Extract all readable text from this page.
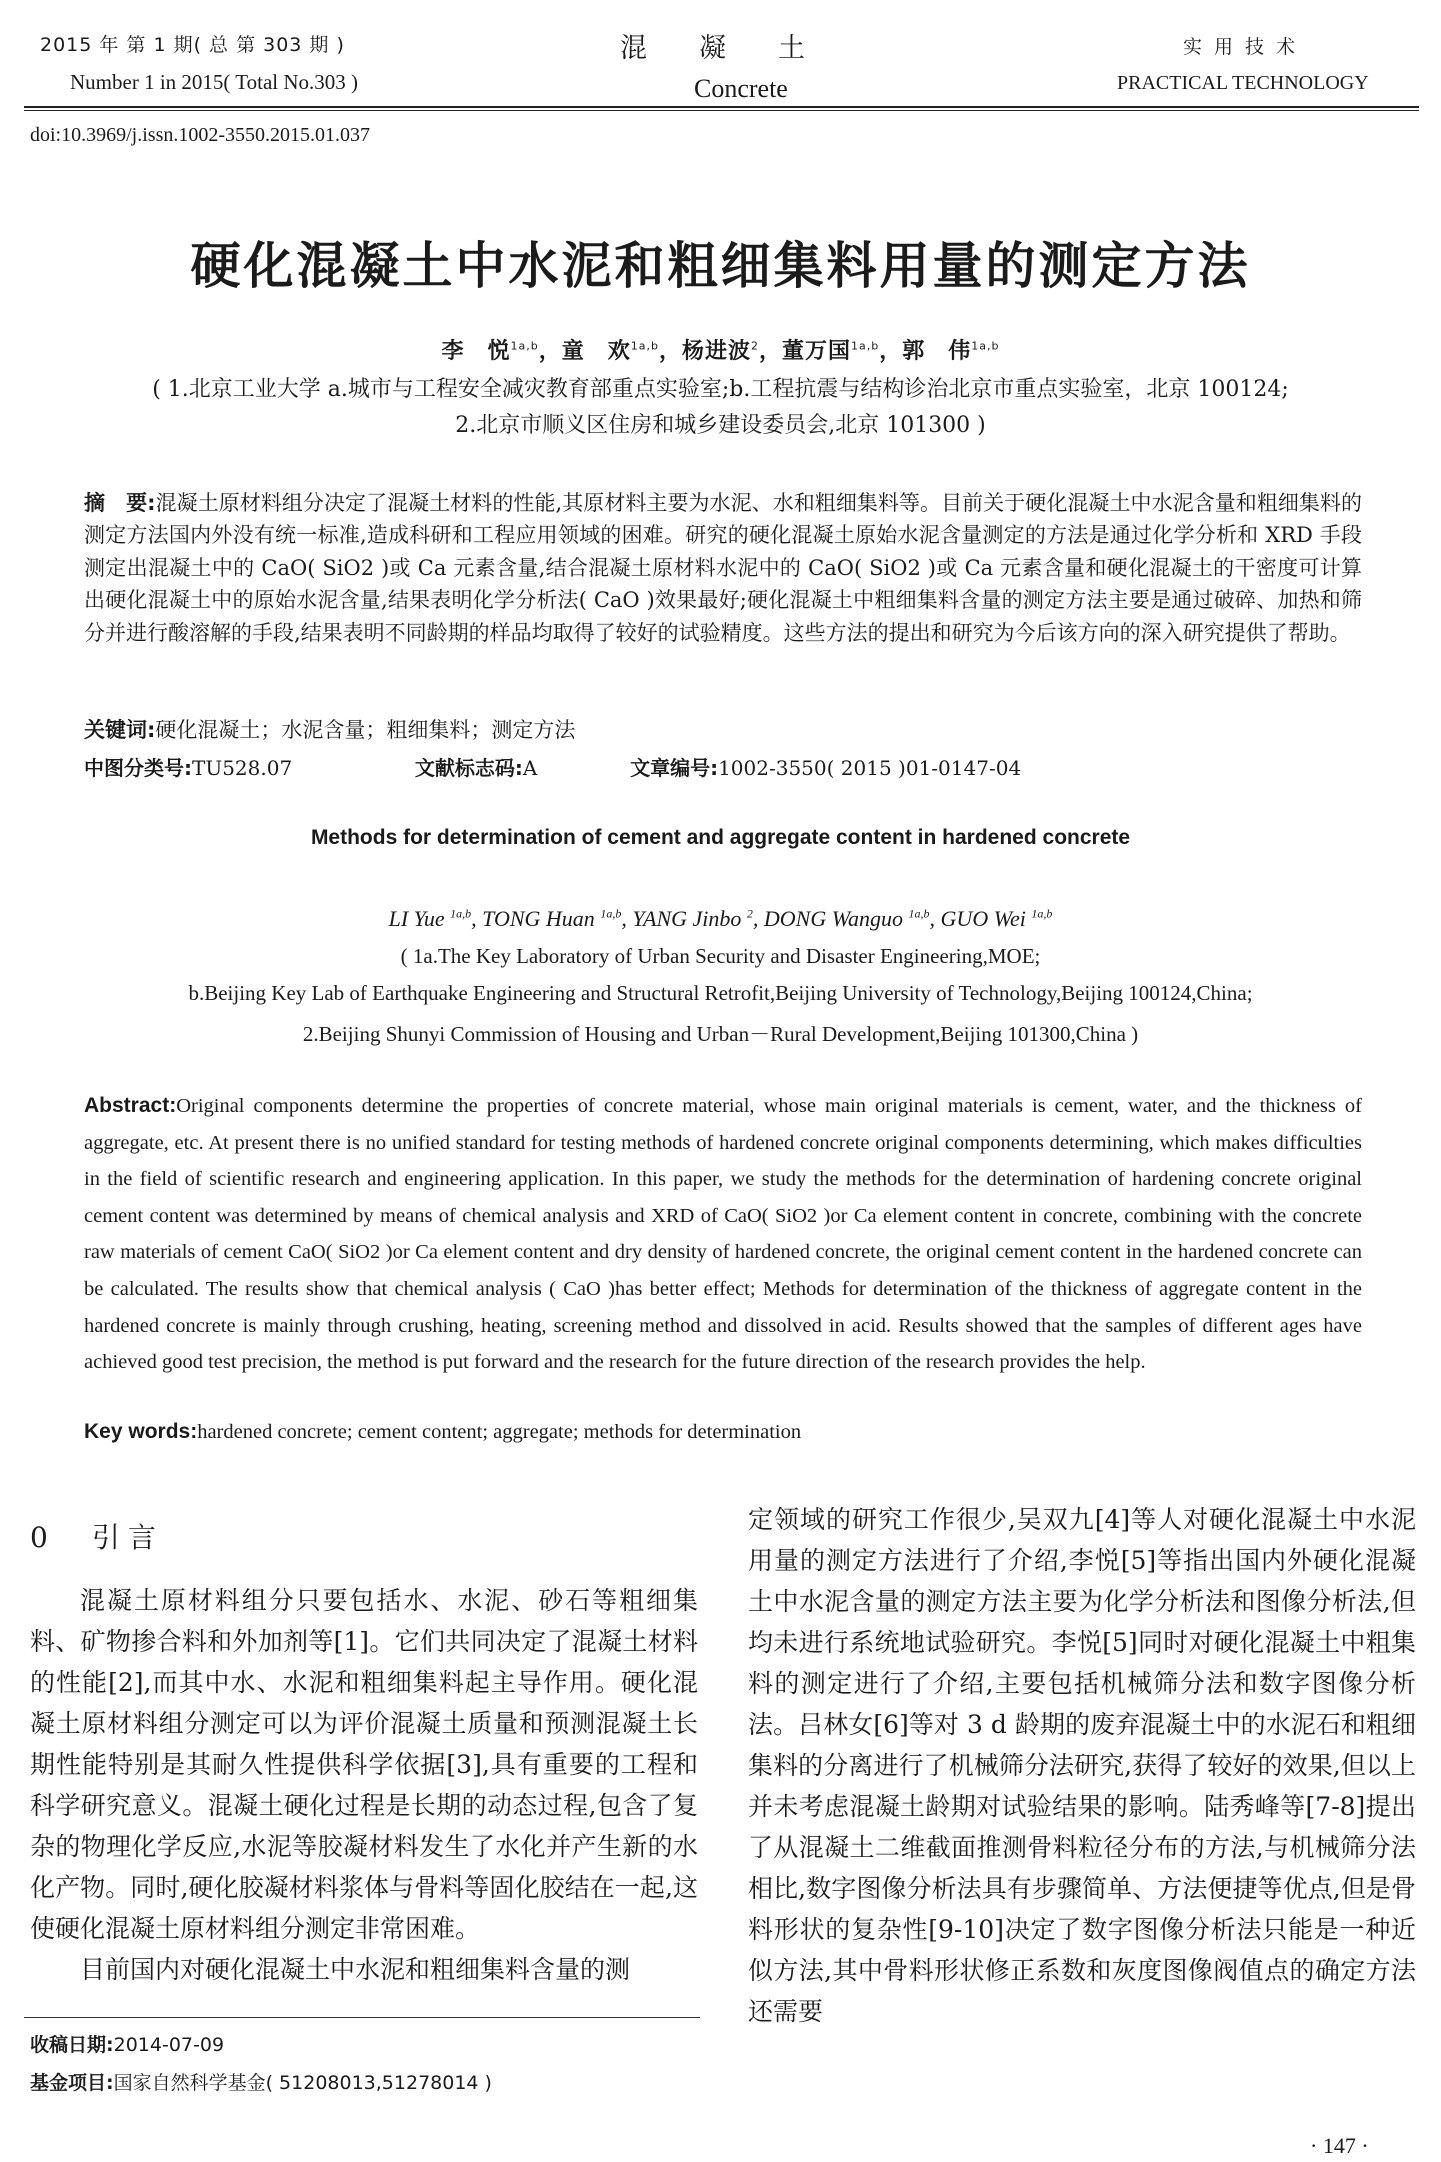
2015 年 第 1 期( 总 第 303 期 )
Number 1 in 2015( Total No.303 )
混凝土
Concrete
实用技术
PRACTICAL TECHNOLOGY
doi:10.3969/j.issn.1002-3550.2015.01.037
硬化混凝土中水泥和粗细集料用量的测定方法
李　悦$^{1a,b}$，童　欢$^{1a,b}$，杨进波$^2$，董万国$^{1a,b}$，郭　伟$^{1a,b}$
( 1.北京工业大学 a.城市与工程安全减灾教育部重点实验室;b.工程抗震与结构诊治北京市重点实验室，北京 100124;
2.北京市顺义区住房和城乡建设委员会,北京 101300 )
摘　要:混凝土原材料组分决定了混凝土材料的性能,其原材料主要为水泥、水和粗细集料等。目前关于硬化混凝土中水泥含量和粗细集料的测定方法国内外没有统一标准,造成科研和工程应用领域的困难。研究的硬化混凝土原始水泥含量测定的方法是通过化学分析和 XRD 手段测定出混凝土中的 CaO( SiO2 )或 Ca 元素含量,结合混凝土原材料水泥中的 CaO( SiO2 )或 Ca 元素含量和硬化混凝土的干密度可计算出硬化混凝土中的原始水泥含量,结果表明化学分析法( CaO )效果最好;硬化混凝土中粗细集料含量的测定方法主要是通过破碎、加热和筛分并进行酸溶解的手段,结果表明不同龄期的样品均取得了较好的试验精度。这些方法的提出和研究为今后该方向的深入研究提供了帮助。
关键词:硬化混凝土；水泥含量；粗细集料；测定方法
中图分类号:TU528.07	文献标志码:A	文章编号:1002-3550( 2015 )01-0147-04
Methods for determination of cement and aggregate content in hardened concrete
LI Yue $^{1a,b}$, TONG Huan $^{1a,b}$, YANG Jinbo $^2$, DONG Wanguo $^{1a,b}$, GUO Wei $^{1a,b}$
( 1a.The Key Laboratory of Urban Security and Disaster Engineering,MOE;
b.Beijing Key Lab of Earthquake Engineering and Structural Retrofit,Beijing University of Technology,Beijing 100124,China;
2.Beijing Shunyi Commission of Housing and Urban－Rural Development,Beijing 101300,China )
Abstract:Original components determine the properties of concrete material, whose main original materials is cement, water, and the thickness of aggregate, etc. At present there is no unified standard for testing methods of hardened concrete original components determining, which makes difficulties in the field of scientific research and engineering application. In this paper, we study the methods for the determination of hardening concrete original cement content was determined by means of chemical analysis and XRD of CaO( SiO2 )or Ca element content in concrete, combining with the concrete raw materials of cement CaO( SiO2 )or Ca element content and dry density of hardened concrete, the original cement content in the hardened concrete can be calculated. The results show that chemical analysis ( CaO )has better effect; Methods for determination of the thickness of aggregate content in the hardened concrete is mainly through crushing, heating, screening method and dissolved in acid. Results showed that the samples of different ages have achieved good test precision, the method is put forward and the research for the future direction of the research provides the help.
Key words:hardened concrete; cement content; aggregate; methods for determination
0　引言

混凝土原材料组分只要包括水、水泥、砂石等粗细集料、矿物掺合料和外加剂等[1]。它们共同决定了混凝土材料的性能[2],而其中水、水泥和粗细集料起主导作用。硬化混凝土原材料组分测定可以为评价混凝土质量和预测混凝土长期性能特别是其耐久性提供科学依据[3],具有重要的工程和科学研究意义。混凝土硬化过程是长期的动态过程,包含了复杂的物理化学反应,水泥等胶凝材料发生了水化并产生新的水化产物。同时,硬化胶凝材料浆体与骨料等固化胶结在一起,这使硬化混凝土原材料组分测定非常困难。

目前国内对硬化混凝土中水泥和粗细集料含量的测

定领域的研究工作很少,吴双九[4]等人对硬化混凝土中水泥用量的测定方法进行了介绍,李悦[5]等指出国内外硬化混凝土中水泥含量的测定方法主要为化学分析法和图像分析法,但均未进行系统地试验研究。李悦[5]同时对硬化混凝土中粗集料的测定进行了介绍,主要包括机械筛分法和数字图像分析法。吕林女[6]等对 3 d 龄期的废弃混凝土中的水泥石和粗细集料的分离进行了机械筛分法研究,获得了较好的效果,但以上并未考虑混凝土龄期对试验结果的影响。陆秀峰等[7-8]提出了从混凝土二维截面推测骨料粒径分布的方法,与机械筛分法相比,数字图像分析法具有步骤简单、方法便捷等优点,但是骨料形状的复杂性[9-10]决定了数字图像分析法只能是一种近似方法,其中骨料形状修正系数和灰度图像阀值点的确定方法还需要

收稿日期:2014-07-09
基金项目:国家自然科学基金( 51208013,51278014 )
· 147 ·
